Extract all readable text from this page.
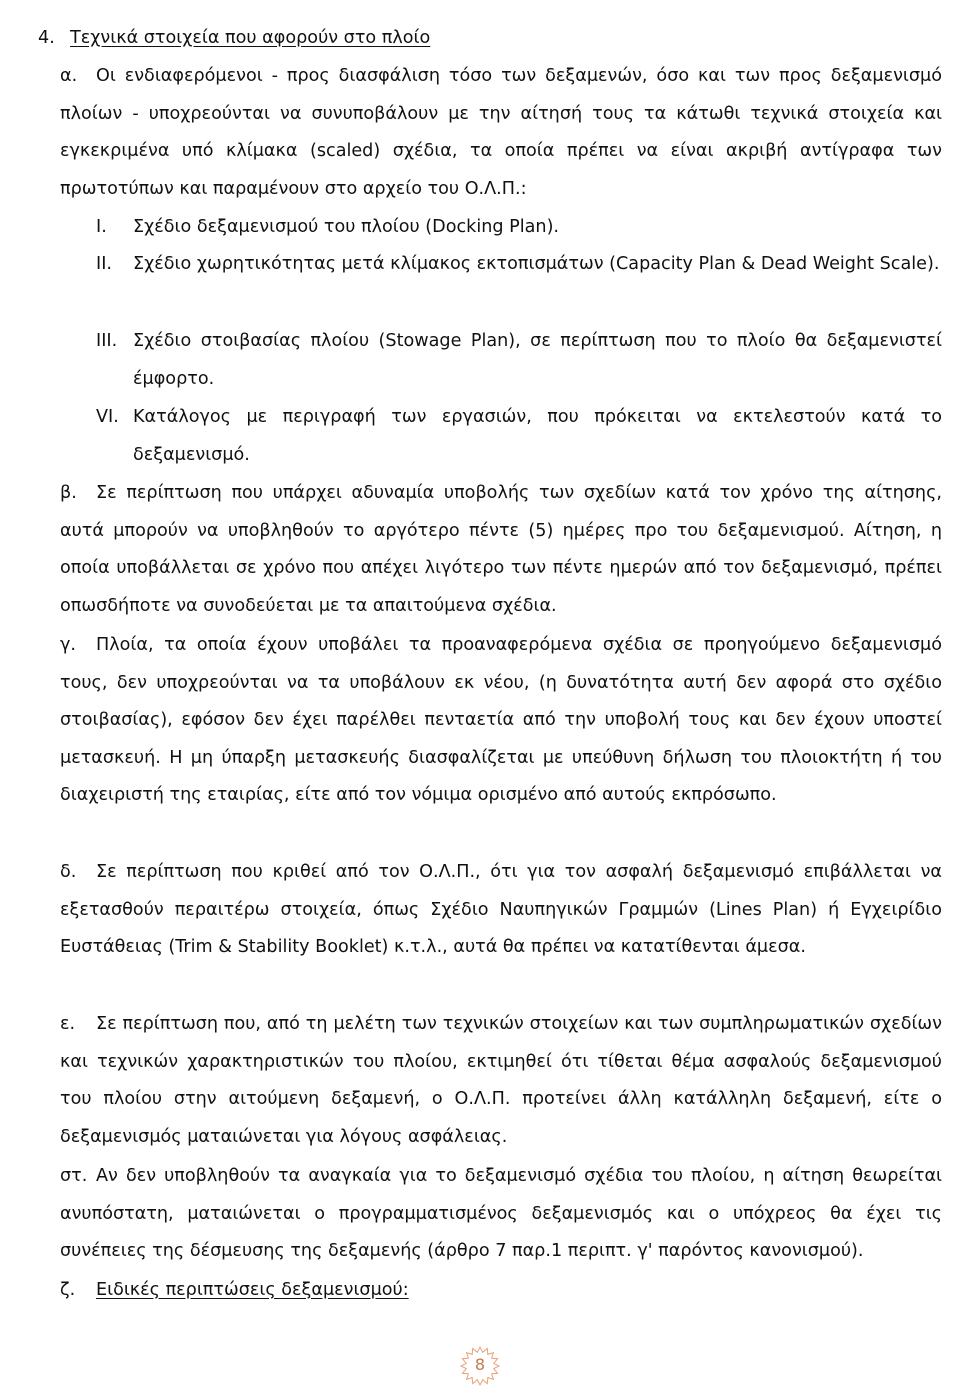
4. Τεχνικά στοιχεία που αφορούν στο πλοίο
α.	Οι ενδιαφερόμενοι - προς διασφάλιση τόσο των δεξαμενών, όσο και των προς δεξαμενισμό πλοίων - υποχρεούνται να συνυποβάλουν με την αίτησή τους τα κάτωθι τεχνικά στοιχεία και εγκεκριμένα υπό κλίμακα (scaled) σχέδια, τα οποία πρέπει να είναι ακριβή αντίγραφα των πρωτοτύπων και παραμένουν στο αρχείο του Ο.Λ.Π.:
I.	Σχέδιο δεξαμενισμού του πλοίου (Docking Plan).
II.	Σχέδιο χωρητικότητας μετά κλίμακος εκτοπισμάτων (Capacity Plan & Dead Weight Scale).
III. Σχέδιο στοιβασίας πλοίου (Stowage Plan), σε περίπτωση που το πλοίο θα δεξαμενιστεί έμφορτο.
VI. Κατάλογος με περιγραφή των εργασιών, που πρόκειται να εκτελεστούν κατά το δεξαμενισμό.
β.	Σε περίπτωση που υπάρχει αδυναμία υποβολής των σχεδίων κατά τον χρόνο της αίτησης, αυτά μπορούν να υποβληθούν το αργότερο πέντε (5) ημέρες προ του δεξαμενισμού. Αίτηση, η οποία υποβάλλεται σε χρόνο που απέχει λιγότερο των πέντε ημερών από τον δεξαμενισμό, πρέπει οπωσδήποτε να συνοδεύεται με τα απαιτούμενα σχέδια.
γ.	Πλοία, τα οποία έχουν υποβάλει τα προαναφερόμενα σχέδια σε προηγούμενο δεξαμενισμό τους, δεν υποχρεούνται να τα υποβάλουν εκ νέου, (η δυνατότητα αυτή δεν αφορά στο σχέδιο στοιβασίας), εφόσον δεν έχει παρέλθει πενταετία από την υποβολή τους και δεν έχουν υποστεί μετασκευή. Η μη ύπαρξη μετασκευής διασφαλίζεται με υπεύθυνη δήλωση του πλοιοκτήτη ή του διαχειριστή της εταιρίας, είτε από τον νόμιμα ορισμένο από αυτούς εκπρόσωπο.
δ.	Σε περίπτωση που κριθεί από τον Ο.Λ.Π., ότι για τον ασφαλή δεξαμενισμό επιβάλλεται να εξετασθούν περαιτέρω στοιχεία, όπως Σχέδιο Ναυπηγικών Γραμμών (Lines Plan) ή Εγχειρίδιο Ευστάθειας (Trim & Stability Booklet) κ.τ.λ., αυτά θα πρέπει να κατατίθενται άμεσα.
ε.	Σε περίπτωση που, από τη μελέτη των τεχνικών στοιχείων και των συμπληρωματικών σχεδίων και τεχνικών χαρακτηριστικών του πλοίου, εκτιμηθεί ότι τίθεται θέμα ασφαλούς δεξαμενισμού του πλοίου στην αιτούμενη δεξαμενή, ο Ο.Λ.Π. προτείνει άλλη κατάλληλη δεξαμενή, είτε ο δεξαμενισμός ματαιώνεται για λόγους ασφάλειας.
στ. Αν δεν υποβληθούν τα αναγκαία για το δεξαμενισμό σχέδια του πλοίου, η αίτηση θεωρείται ανυπόστατη, ματαιώνεται ο προγραμματισμένος δεξαμενισμός και ο υπόχρεος θα έχει τις συνέπειες της δέσμευσης της δεξαμενής (άρθρο 7 παρ.1 περιπτ. γ' παρόντος κανονισμού).
ζ.	Ειδικές περιπτώσεις δεξαμενισμού:
8
